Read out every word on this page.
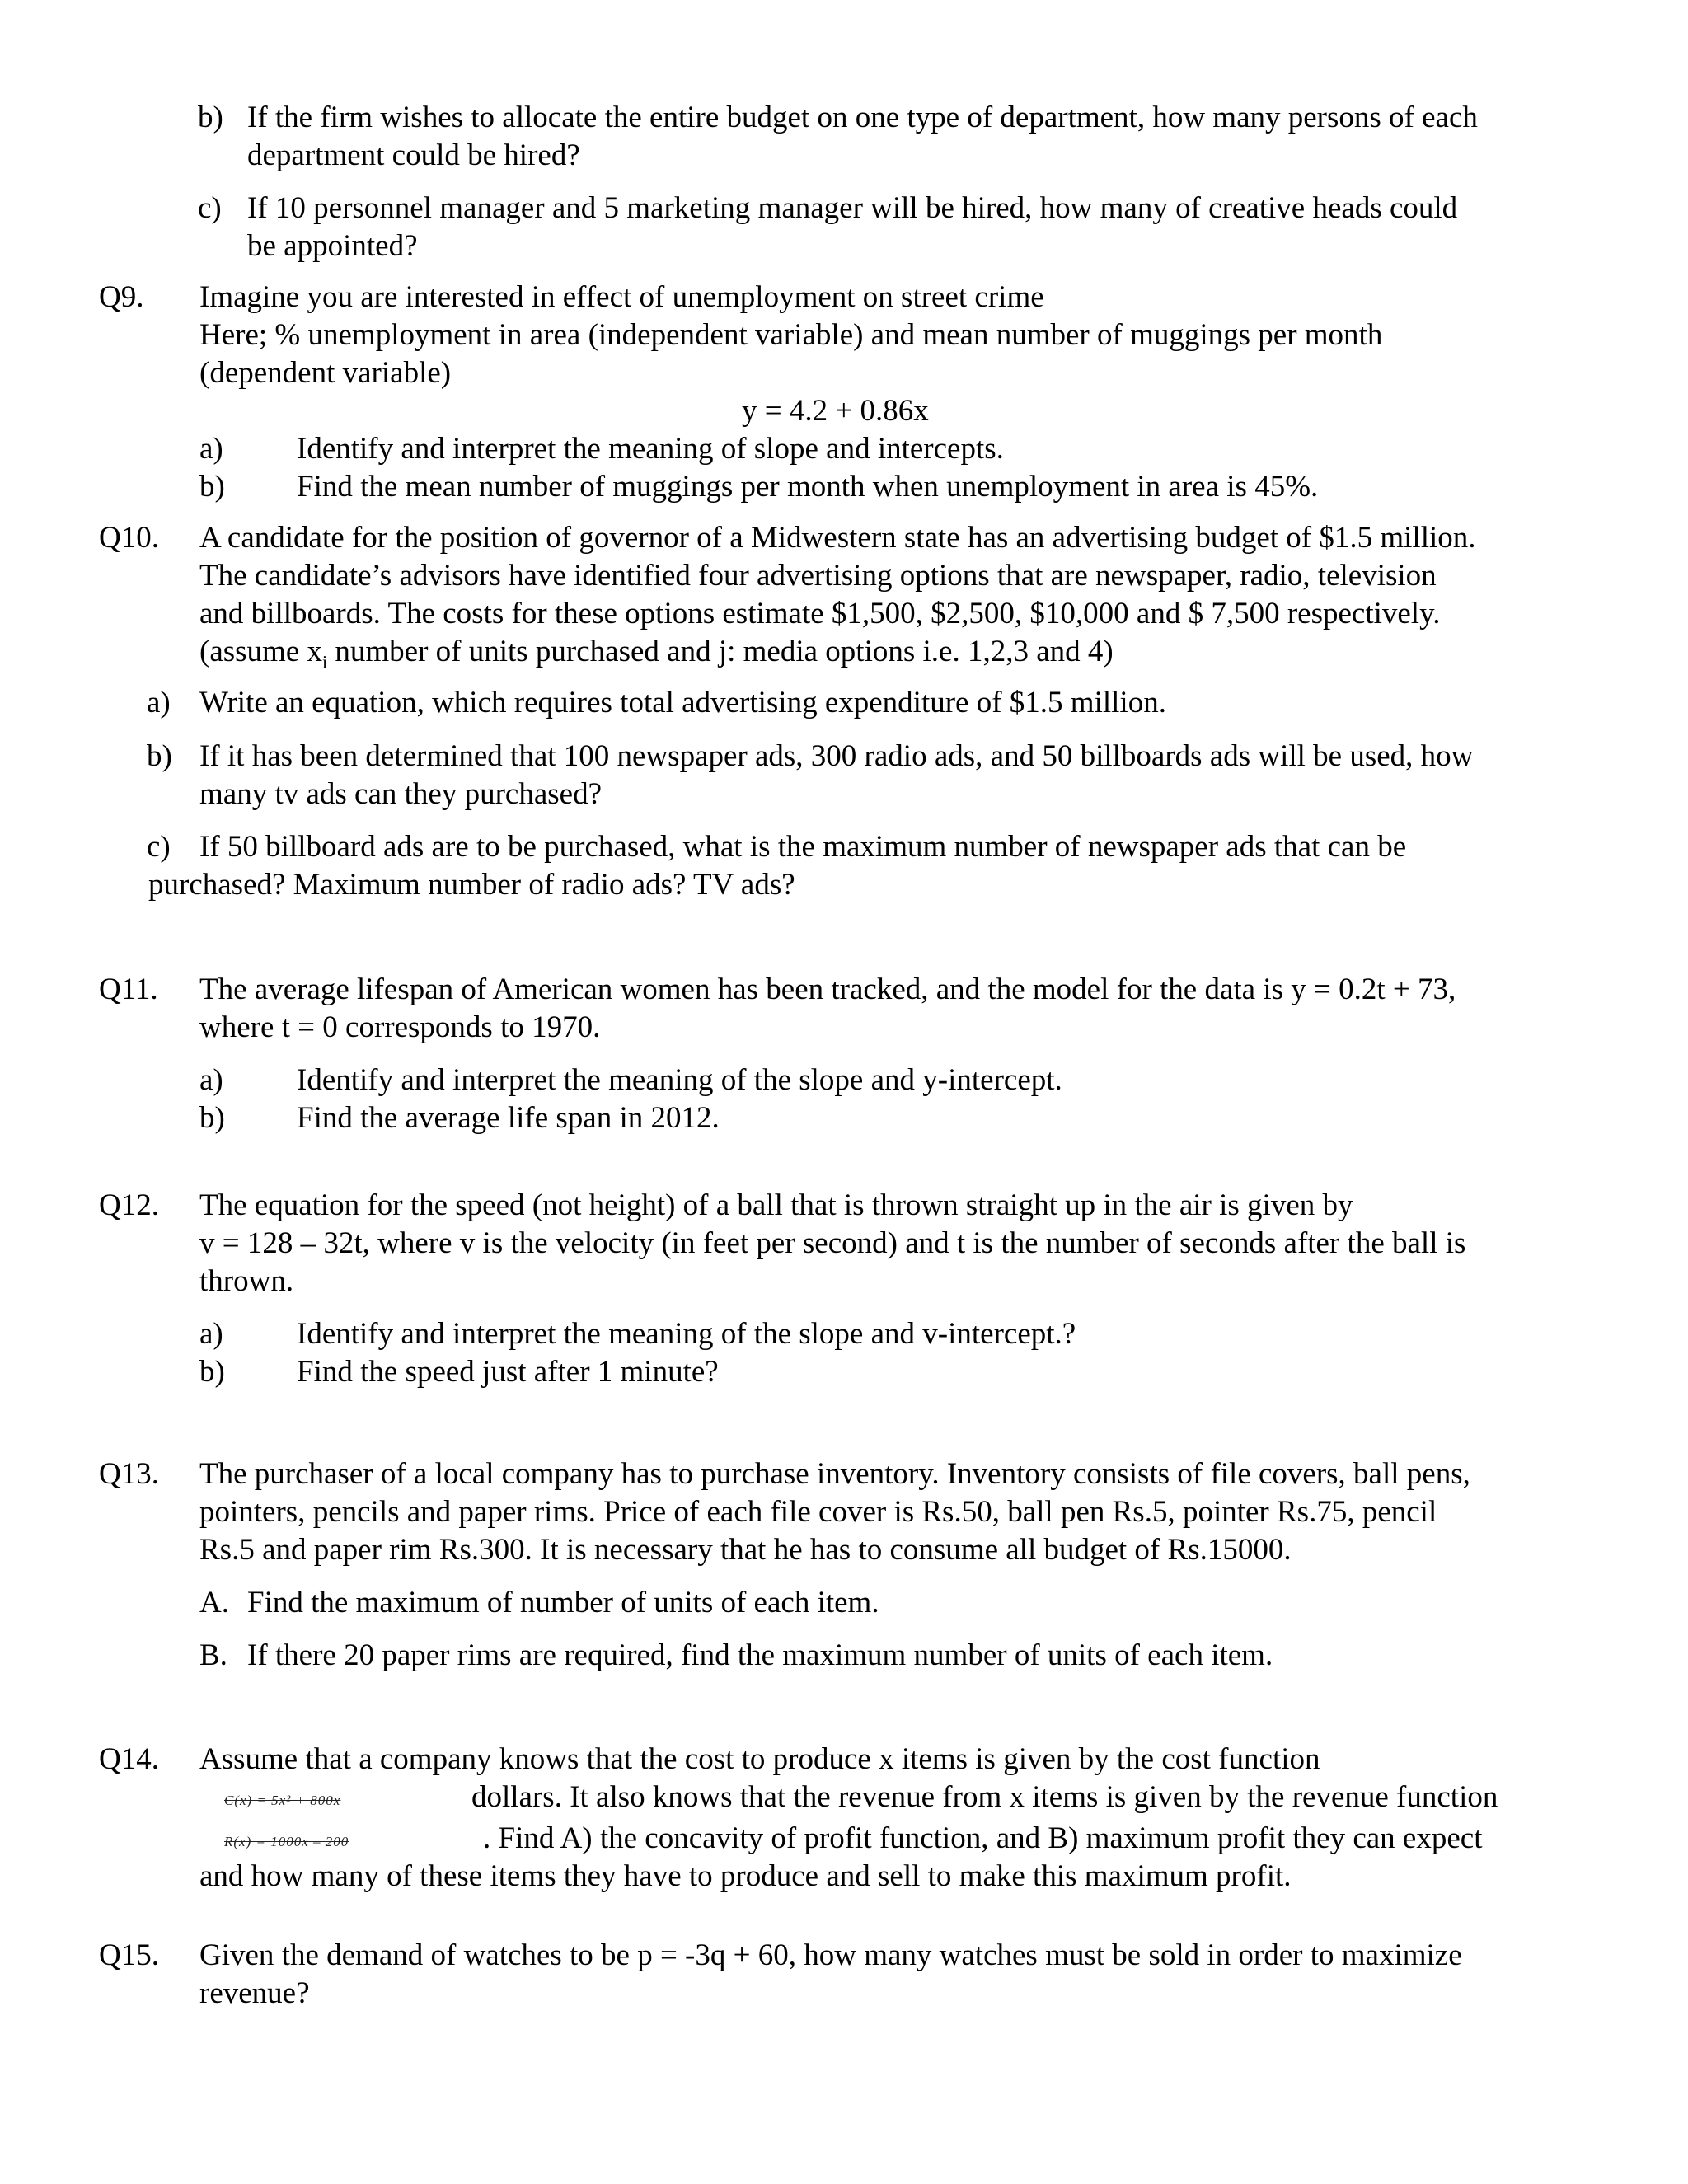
b) If the firm wishes to allocate the entire budget on one type of department, how many persons of each
department could be hired?
c) If 10 personnel manager and 5 marketing manager will be hired, how many of creative heads could
be appointed?
Q9. Imagine you are interested in effect of unemployment on street crime
Here; % unemployment in area (independent variable) and mean number of muggings per month
(dependent variable)
y = 4.2 + 0.86x
a) Identify and interpret the meaning of slope and intercepts.
b) Find the mean number of muggings per month when unemployment in area is 45%.
Q10. A candidate for the position of governor of a Midwestern state has an advertising budget of $1.5 million.
The candidate’s advisors have identified four advertising options that are newspaper, radio, television
and billboards. The costs for these options estimate $1,500, $2,500, $10,000 and $ 7,500 respectively.
(assume $x_i$ number of units purchased and j: media options i.e. 1,2,3 and 4)
a) Write an equation, which requires total advertising expenditure of $1.5 million.
b) If it has been determined that 100 newspaper ads, 300 radio ads, and 50 billboards ads will be used, how
many tv ads can they purchased?
c) If 50 billboard ads are to be purchased, what is the maximum number of newspaper ads that can be
purchased? Maximum number of radio ads? TV ads?
Q11. The average lifespan of American women has been tracked, and the model for the data is y = 0.2t + 73,
where t = 0 corresponds to 1970.
a) Identify and interpret the meaning of the slope and y-intercept.
b) Find the average life span in 2012.
Q12. The equation for the speed (not height) of a ball that is thrown straight up in the air is given by
v = 128 – 32t, where v is the velocity (in feet per second) and t is the number of seconds after the ball is
thrown.
a) Identify and interpret the meaning of the slope and v-intercept.?
b) Find the speed just after 1 minute?
Q13. The purchaser of a local company has to purchase inventory. Inventory consists of file covers, ball pens,
pointers, pencils and paper rims. Price of each file cover is Rs.50, ball pen Rs.5, pointer Rs.75, pencil
Rs.5 and paper rim Rs.300. It is necessary that he has to consume all budget of Rs.15000.
A. Find the maximum of number of units of each item.
B. If there 20 paper rims are required, find the maximum number of units of each item.
Q14. Assume that a company knows that the cost to produce x items is given by the cost function
C(x) = 5x² + 800x	dollars. It also knows that the revenue from x items is given by the revenue function
R(x) = 1000x – 200	. Find A) the concavity of profit function, and B) maximum profit they can expect
and how many of these items they have to produce and sell to make this maximum profit.
Q15. Given the demand of watches to be p = -3q + 60, how many watches must be sold in order to maximize
revenue?
